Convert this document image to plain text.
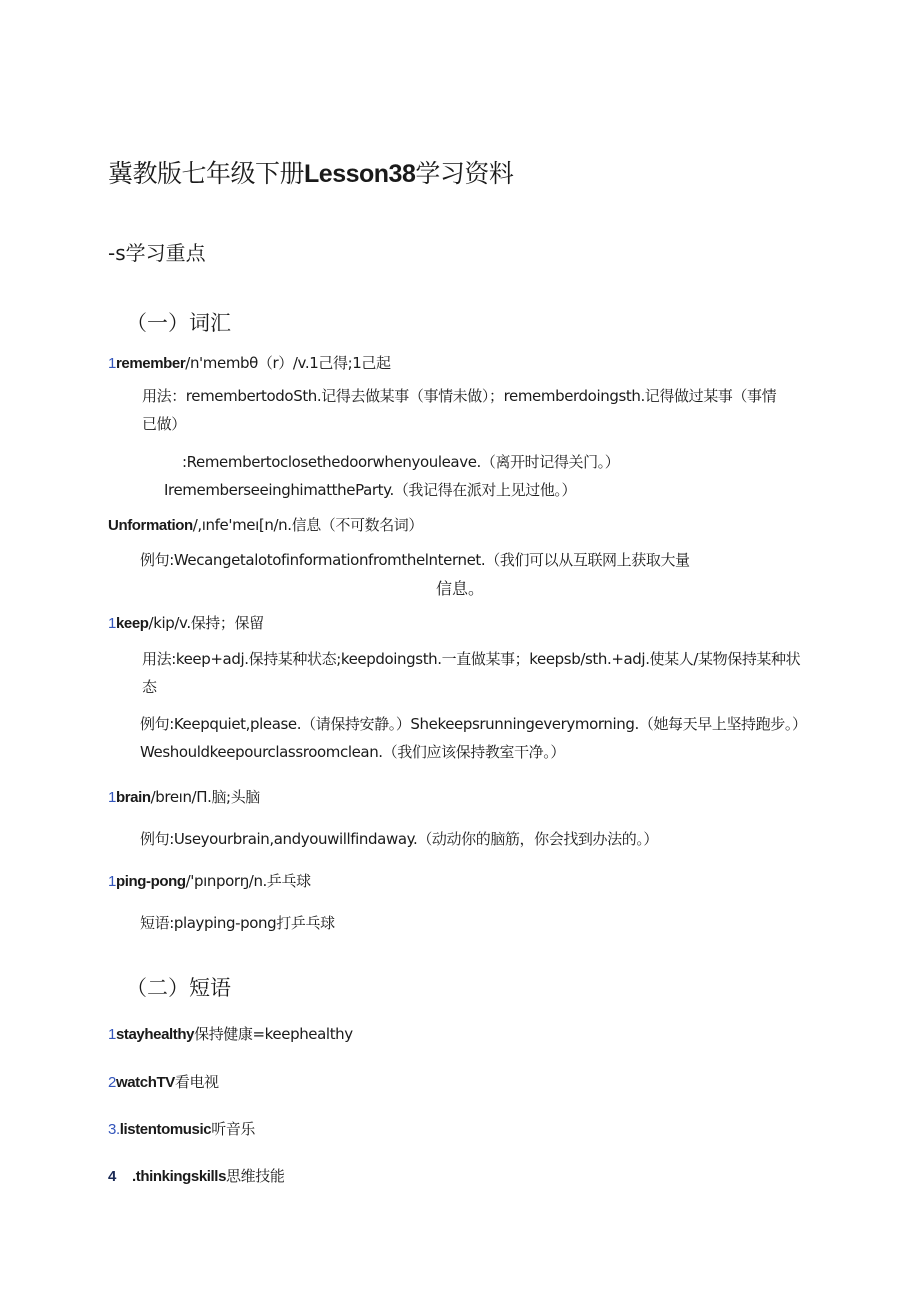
冀教版七年级下册Lesson38学习资料
-s学习重点
（一）词汇
1remember/n'membθ（r）/v.1己得;1己起
用法：remembertodoSth.记得去做某事（事情未做）；rememberdoingsth.记得做过某事（事情已做）
:Remembertoclosethedoorwhenyouleave.（离开时记得关门。）
IrememberseeinghimattheParty.（我记得在派对上见过他。）
Unformation/,ınfe'meı[n/n.信息（不可数名词）
例句:Wecangetalotofinformationfromthelnternet.（我们可以从互联网上获取大量
信息。
1keep/kip/v.保持；保留
用法:keep+adj.保持某种状态;keepdoingsth.一直做某事；keepsb/sth.+adj.使某人/某物保持某种状态
例句:Keepquiet,please.（请保持安静。）Shekeepsrunningeverymorning.（她每天早上坚持跑步。）Weshouldkeepourclassroomclean.（我们应该保持教室干净。）
1brain/breın/Π.脑;头脑
例句:Useyourbrain,andyouwillfindaway.（动动你的脑筋，你会找到办法的。）
1ping-pong/'pınporŋ/n.乒乓球
短语:playping-pong打乒乓球
（二）短语
1stayhealthy保持健康=keephealthy
2watchTV看电视
3.listentomusic听音乐
4 .thinkingskills思维技能
